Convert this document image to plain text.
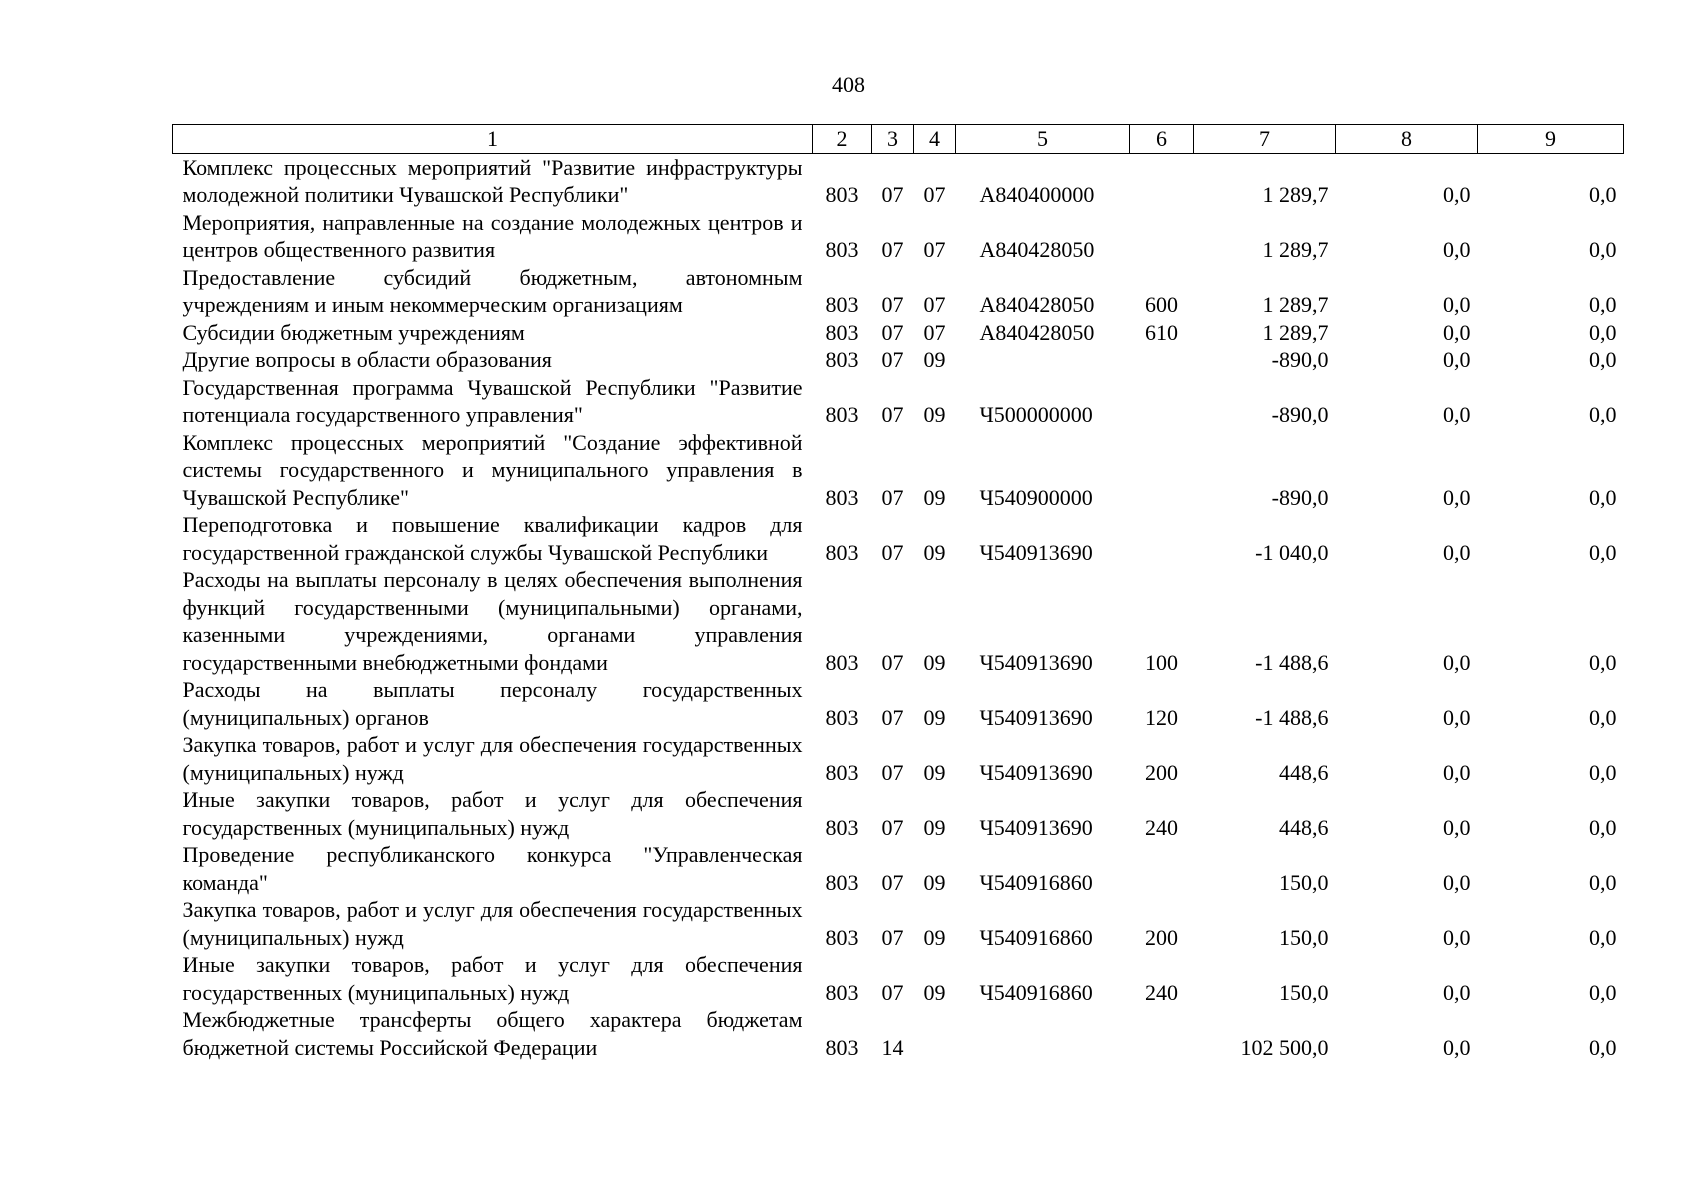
408
1	2	3	4	5	6	7	8	9
Комплекс процессных мероприятий "Развитие инфраструктуры молодежной политики Чувашской Республики"	803	07	07	А840400000		1 289,7	0,0	0,0
Мероприятия, направленные на создание молодежных центров и центров общественного развития	803	07	07	А840428050		1 289,7	0,0	0,0
Предоставление субсидий бюджетным, автономным учреждениям и иным некоммерческим организациям	803	07	07	А840428050	600	1 289,7	0,0	0,0
Субсидии бюджетным учреждениям	803	07	07	А840428050	610	1 289,7	0,0	0,0
Другие вопросы в области образования	803	07	09			-890,0	0,0	0,0
Государственная программа Чувашской Республики "Развитие потенциала государственного управления"	803	07	09	Ч500000000		-890,0	0,0	0,0
Комплекс процессных мероприятий "Создание эффективной системы государственного и муниципального управления в Чувашской Республике"	803	07	09	Ч540900000		-890,0	0,0	0,0
Переподготовка и повышение квалификации кадров для государственной гражданской службы Чувашской Республики	803	07	09	Ч540913690		-1 040,0	0,0	0,0
Расходы на выплаты персоналу в целях обеспечения выполнения функций государственными (муниципальными) органами, казенными учреждениями, органами управления государственными внебюджетными фондами	803	07	09	Ч540913690	100	-1 488,6	0,0	0,0
Расходы на выплаты персоналу государственных (муниципальных) органов	803	07	09	Ч540913690	120	-1 488,6	0,0	0,0
Закупка товаров, работ и услуг для обеспечения государственных (муниципальных) нужд	803	07	09	Ч540913690	200	448,6	0,0	0,0
Иные закупки товаров, работ и услуг для обеспечения государственных (муниципальных) нужд	803	07	09	Ч540913690	240	448,6	0,0	0,0
Проведение республиканского конкурса "Управленческая команда"	803	07	09	Ч540916860		150,0	0,0	0,0
Закупка товаров, работ и услуг для обеспечения государственных (муниципальных) нужд	803	07	09	Ч540916860	200	150,0	0,0	0,0
Иные закупки товаров, работ и услуг для обеспечения государственных (муниципальных) нужд	803	07	09	Ч540916860	240	150,0	0,0	0,0
Межбюджетные трансферты общего характера бюджетам бюджетной системы Российской Федерации	803	14				102 500,0	0,0	0,0
